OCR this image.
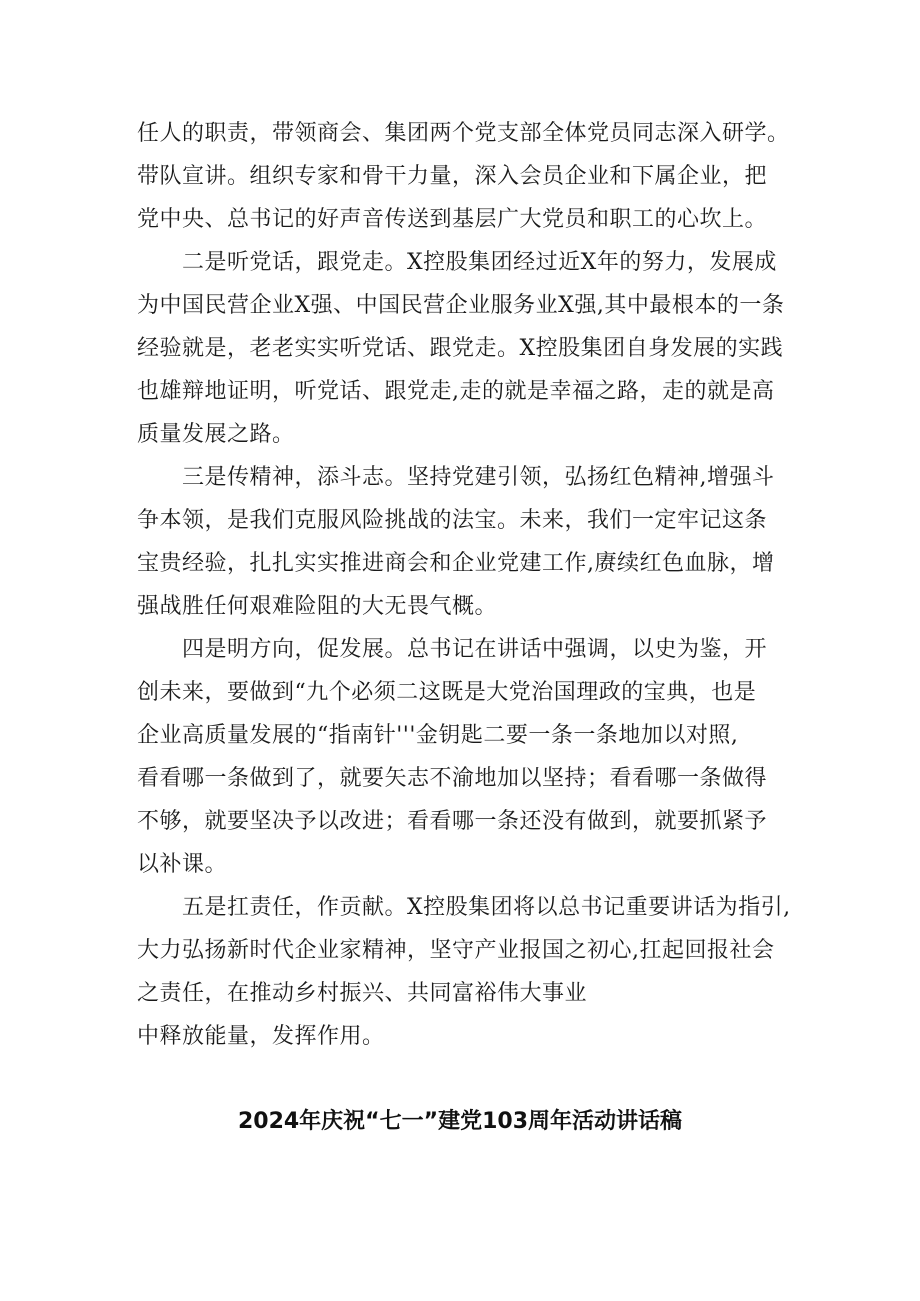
任人的职责，带领商会、集团两个党支部全体党员同志深入研学。
带队宣讲。组织专家和骨干力量，深入会员企业和下属企业，把
党中央、总书记的好声音传送到基层广大党员和职工的心坎上。
　　二是听党话，跟党走。X控股集团经过近X年的努力，发展成
为中国民营企业X强、中国民营企业服务业X强,其中最根本的一条
经验就是，老老实实听党话、跟党走。X控股集团自身发展的实践
也雄辩地证明，听党话、跟党走,走的就是幸福之路，走的就是高
质量发展之路。
　　三是传精神，添斗志。坚持党建引领，弘扬红色精神,增强斗
争本领，是我们克服风险挑战的法宝。未来，我们一定牢记这条
宝贵经验，扎扎实实推进商会和企业党建工作,赓续红色血脉，增
强战胜任何艰难险阻的大无畏气概。
　　四是明方向，促发展。总书记在讲话中强调，以史为鉴，开
创未来，要做到“九个必须二这既是大党治国理政的宝典，也是
企业高质量发展的“指南针'''金钥匙二要一条一条地加以对照,
看看哪一条做到了，就要矢志不渝地加以坚持；看看哪一条做得
不够，就要坚决予以改进；看看哪一条还没有做到，就要抓紧予
以补课。
　　五是扛责任，作贡献。X控股集团将以总书记重要讲话为指引,
大力弘扬新时代企业家精神，坚守产业报国之初心,扛起回报社会
之责任，在推动乡村振兴、共同富裕伟大事业
中释放能量，发挥作用。
2024年庆祝“七一”建党103周年活动讲话稿
